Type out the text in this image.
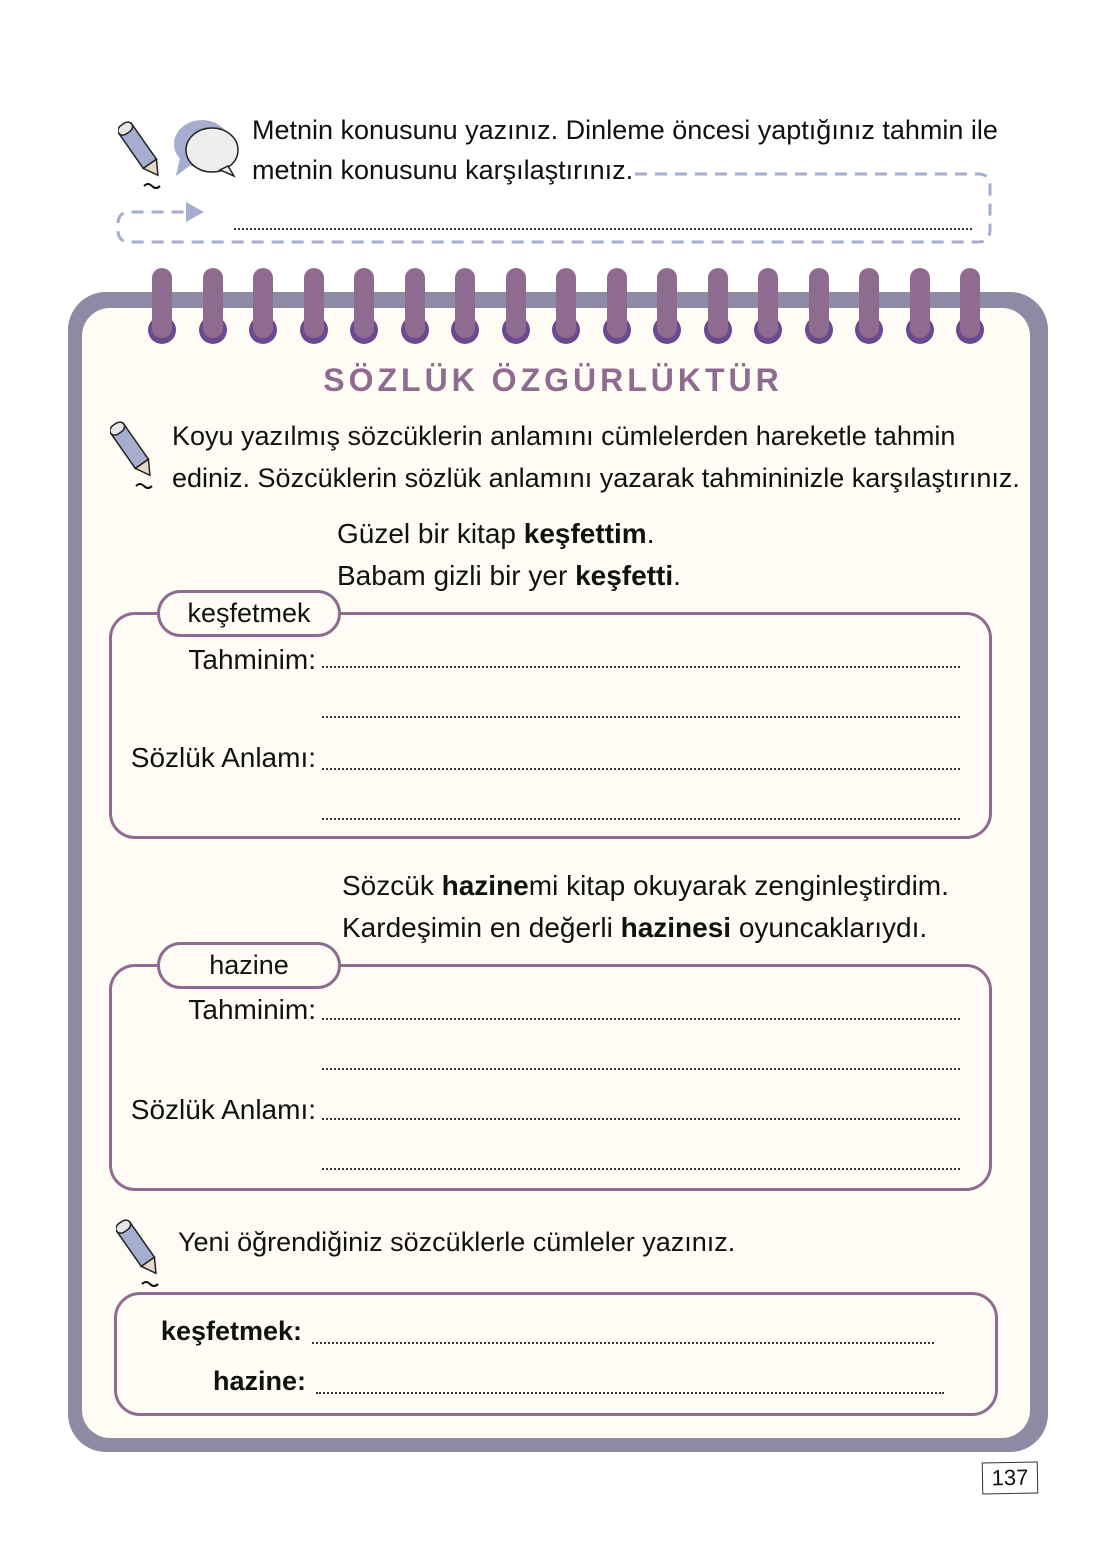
Metnin konusunu yazınız. Dinleme öncesi yaptığınız tahmin ile
metnin konusunu karşılaştırınız.
SÖZLÜK ÖZGÜRLÜKTÜR
Koyu yazılmış sözcüklerin anlamını cümlelerden hareketle tahmin
ediniz. Sözcüklerin sözlük anlamını yazarak tahmininizle karşılaştırınız.
Güzel bir kitap keşfettim.
Babam gizli bir yer keşfetti.
keşfetmek
Tahminim:
Sözlük Anlamı:
Sözcük hazinemi kitap okuyarak zenginleştirdim.
Kardeşimin en değerli hazinesi oyuncaklarıydı.
hazine
Tahminim:
Sözlük Anlamı:
Yeni öğrendiğiniz sözcüklerle cümleler yazınız.
keşfetmek:
hazine:
137
